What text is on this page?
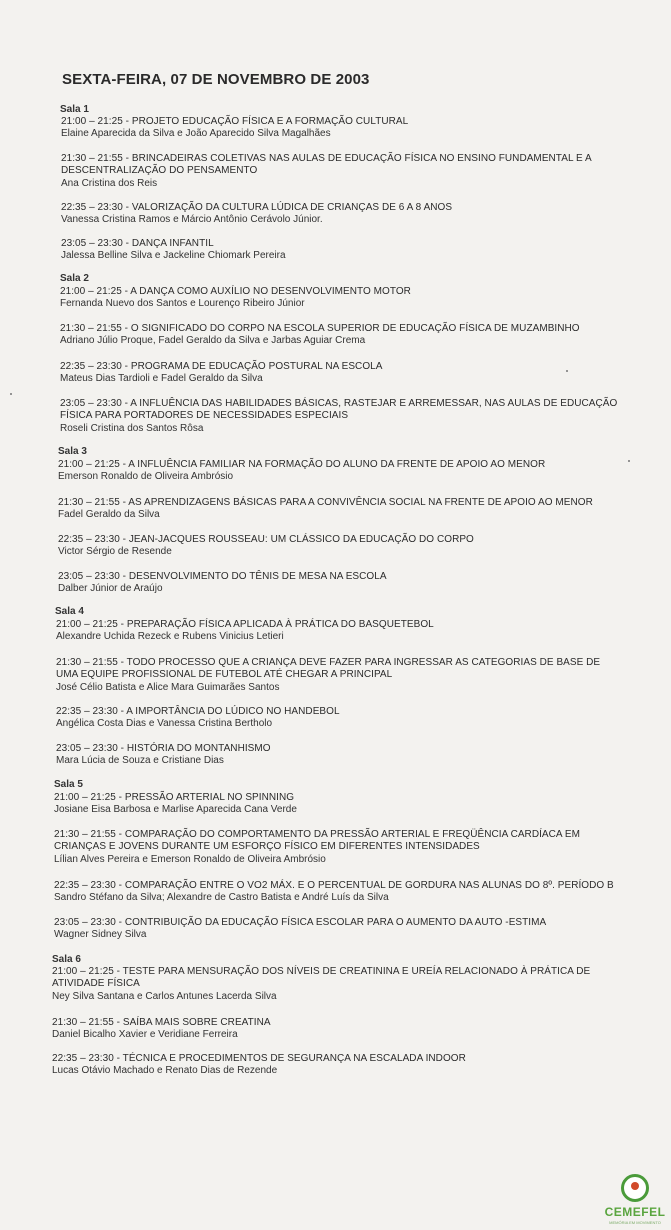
SEXTA-FEIRA, 07 DE NOVEMBRO DE 2003
Sala 1
21:00 – 21:25 - PROJETO EDUCAÇÃO FÍSICA E A FORMAÇÃO CULTURAL
Elaine Aparecida da Silva e João Aparecido Silva Magalhães
21:30 – 21:55 - BRINCADEIRAS COLETIVAS NAS AULAS DE EDUCAÇÃO FÍSICA NO ENSINO FUNDAMENTAL E A
DESCENTRALIZAÇÃO DO PENSAMENTO
Ana Cristina dos Reis
22:35 – 23:30 - VALORIZAÇÃO DA CULTURA LÚDICA DE CRIANÇAS DE 6 A 8 ANOS
Vanessa Cristina Ramos e Márcio Antônio Cerávolo Júnior.
23:05 – 23:30 - DANÇA INFANTIL
Jalessa Belline Silva e Jackeline Chiomark Pereira
Sala 2
21:00 – 21:25 - A DANÇA COMO AUXÍLIO NO DESENVOLVIMENTO MOTOR
Fernanda Nuevo dos Santos e Lourenço Ribeiro Júnior
21:30 – 21:55 - O SIGNIFICADO DO CORPO NA ESCOLA SUPERIOR DE EDUCAÇÃO FÍSICA DE MUZAMBINHO
Adriano Júlio Proque, Fadel Geraldo da Silva e Jarbas Aguiar Crema
22:35 – 23:30 - PROGRAMA DE EDUCAÇÃO POSTURAL NA ESCOLA
Mateus Dias Tardioli e Fadel Geraldo da Silva
23:05 – 23:30 - A INFLUÊNCIA DAS HABILIDADES BÁSICAS, RASTEJAR E ARREMESSAR, NAS AULAS DE EDUCAÇÃO
FÍSICA PARA PORTADORES DE NECESSIDADES ESPECIAIS
Roseli Cristina dos Santos Rôsa
Sala 3
21:00 – 21:25 - A INFLUÊNCIA FAMILIAR NA FORMAÇÃO DO ALUNO DA FRENTE DE APOIO AO MENOR
Emerson Ronaldo de Oliveira Ambrósio
21:30 – 21:55 - AS APRENDIZAGENS BÁSICAS PARA A CONVIVÊNCIA SOCIAL NA FRENTE DE APOIO AO MENOR
Fadel Geraldo da Silva
22:35 – 23:30 - JEAN-JACQUES ROUSSEAU: UM CLÁSSICO DA EDUCAÇÃO DO CORPO
Victor Sérgio de Resende
23:05 – 23:30 - DESENVOLVIMENTO DO TÊNIS DE MESA NA ESCOLA
Dalber Júnior de Araújo
Sala 4
21:00 – 21:25 - PREPARAÇÃO FÍSICA APLICADA À PRÁTICA DO BASQUETEBOL
Alexandre Uchida Rezeck e Rubens Vinicius Letieri
21:30 – 21:55 - TODO PROCESSO QUE A CRIANÇA DEVE FAZER PARA INGRESSAR AS CATEGORIAS DE BASE DE
UMA EQUIPE PROFISSIONAL DE FUTEBOL ATÉ CHEGAR A PRINCIPAL
José Célio Batista e Alice Mara Guimarães Santos
22:35 – 23:30 - A IMPORTÂNCIA DO LÚDICO NO HANDEBOL
Angélica Costa Dias e Vanessa Cristina Bertholo
23:05 – 23:30 - HISTÓRIA DO MONTANHISMO
Mara Lúcia de Souza e Cristiane Dias
Sala 5
21:00 – 21:25 - PRESSÃO ARTERIAL NO SPINNING
Josiane Eisa Barbosa e Marlise Aparecida Cana Verde
21:30 – 21:55 - COMPARAÇÃO DO COMPORTAMENTO DA PRESSÃO ARTERIAL E FREQÜÊNCIA CARDÍACA EM
CRIANÇAS E JOVENS DURANTE UM ESFORÇO FÍSICO EM DIFERENTES INTENSIDADES
Lílian Alves Pereira e Emerson Ronaldo de Oliveira Ambrósio
22:35 – 23:30 - COMPARAÇÃO ENTRE O VO2 MÁX. E O PERCENTUAL DE GORDURA NAS ALUNAS DO 8º. PERÍODO B
Sandro Stéfano da Silva; Alexandre de Castro Batista e André Luís da Silva
23:05 – 23:30 - CONTRIBUIÇÃO DA EDUCAÇÃO FÍSICA ESCOLAR PARA O AUMENTO DA AUTO -ESTIMA
Wagner Sidney Silva
Sala 6
21:00 – 21:25 - TESTE PARA MENSURAÇÃO DOS NÍVEIS DE CREATININA E UREÍA RELACIONADO À PRÁTICA DE
ATIVIDADE FÍSICA
Ney Silva Santana e Carlos Antunes Lacerda Silva
21:30 – 21:55 - SAÍBA MAIS SOBRE CREATINA
Daniel Bicalho Xavier e Veridiane Ferreira
22:35 – 23:30 - TÉCNICA E PROCEDIMENTOS DE SEGURANÇA NA ESCALADA INDOOR
Lucas Otávio Machado e Renato Dias de Rezende
CEMEFEL
MEMÓRIA EM MOVIMENTO
